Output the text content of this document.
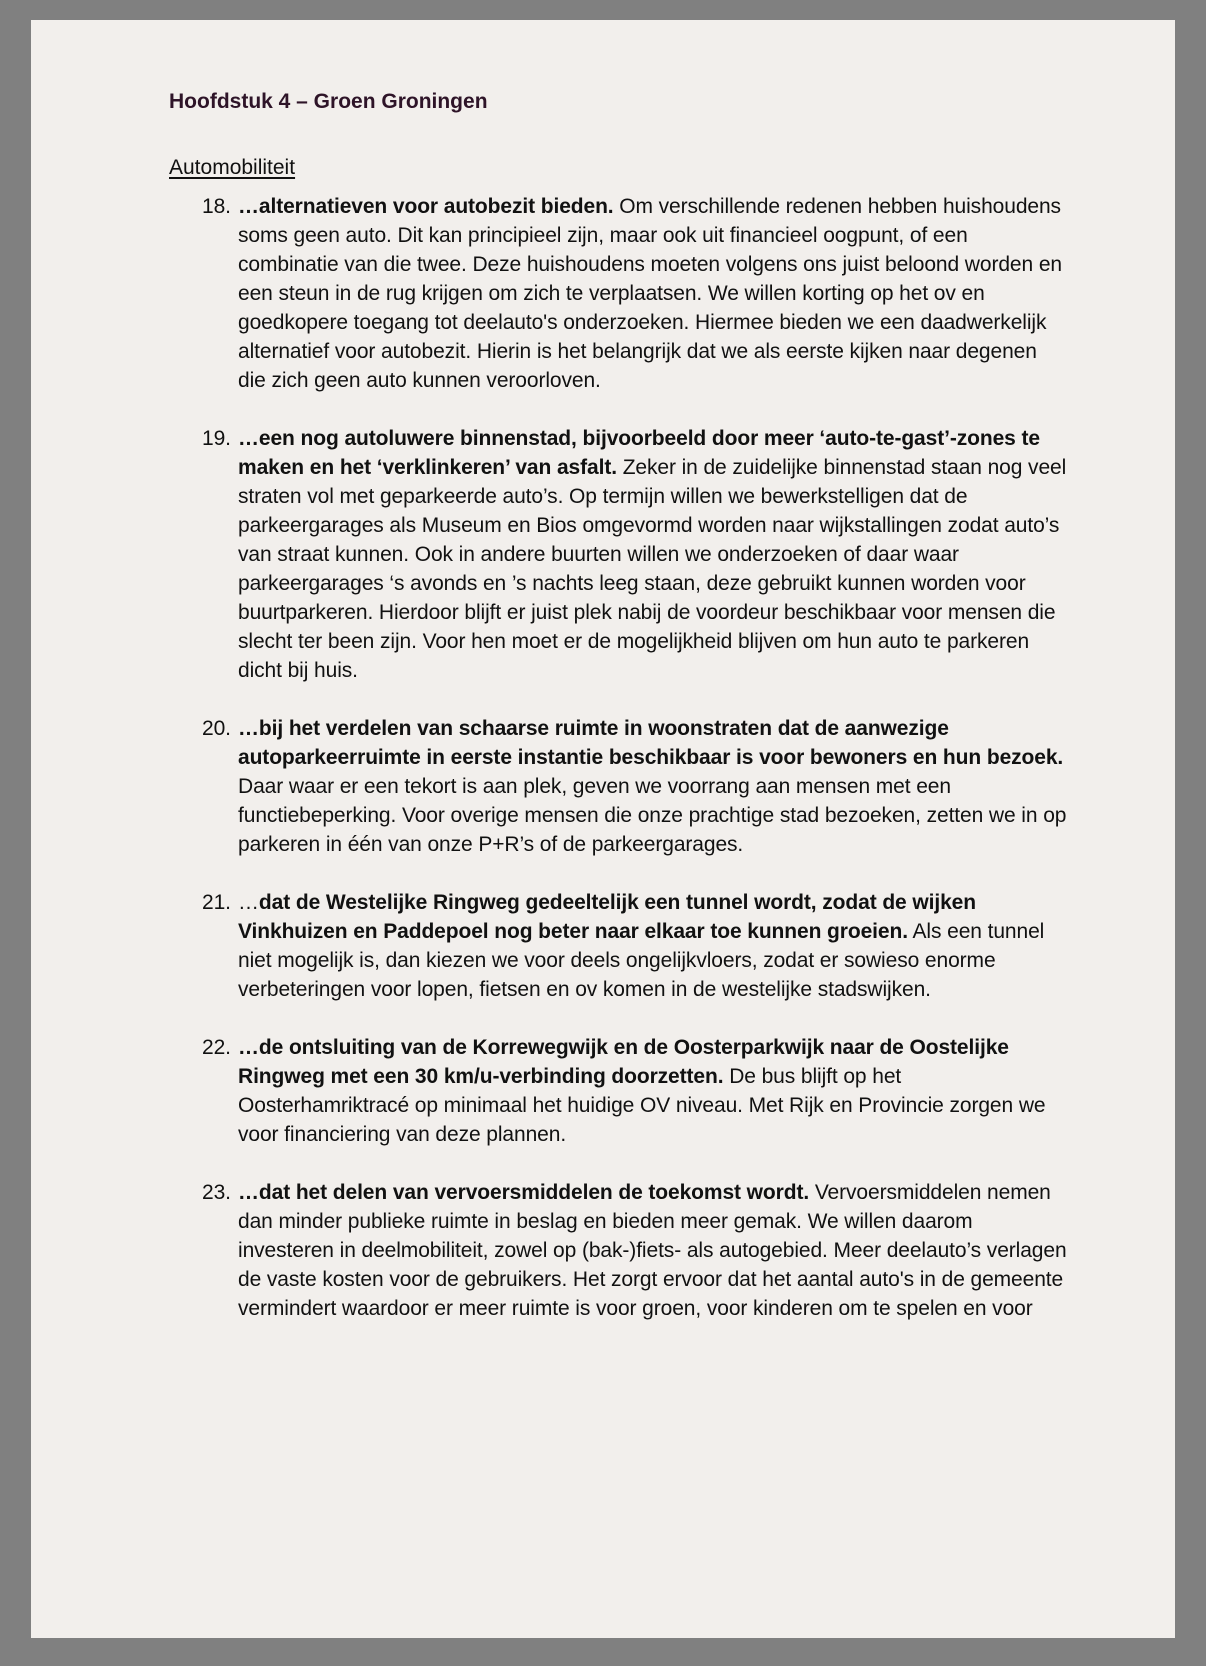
Hoofdstuk 4 – Groen Groningen
Automobiliteit
18. …alternatieven voor autobezit bieden. Om verschillende redenen hebben huishoudens soms geen auto. Dit kan principieel zijn, maar ook uit financieel oogpunt, of een combinatie van die twee. Deze huishoudens moeten volgens ons juist beloond worden en een steun in de rug krijgen om zich te verplaatsen. We willen korting op het ov en goedkopere toegang tot deelauto's onderzoeken. Hiermee bieden we een daadwerkelijk alternatief voor autobezit. Hierin is het belangrijk dat we als eerste kijken naar degenen die zich geen auto kunnen veroorloven.
19. …een nog autoluwere binnenstad, bijvoorbeeld door meer ‘auto-te-gast’-zones te maken en het ‘verklinkeren’ van asfalt. Zeker in de zuidelijke binnenstad staan nog veel straten vol met geparkeerde auto’s. Op termijn willen we bewerkstelligen dat de parkeergarages als Museum en Bios omgevormd worden naar wijkstallingen zodat auto’s van straat kunnen. Ook in andere buurten willen we onderzoeken of daar waar parkeergarages ‘s avonds en ’s nachts leeg staan, deze gebruikt kunnen worden voor buurtparkeren. Hierdoor blijft er juist plek nabij de voordeur beschikbaar voor mensen die slecht ter been zijn. Voor hen moet er de mogelijkheid blijven om hun auto te parkeren dicht bij huis.
20. …bij het verdelen van schaarse ruimte in woonstraten dat de aanwezige autoparkeerruimte in eerste instantie beschikbaar is voor bewoners en hun bezoek. Daar waar er een tekort is aan plek, geven we voorrang aan mensen met een functiebeperking. Voor overige mensen die onze prachtige stad bezoeken, zetten we in op parkeren in één van onze P+R’s of de parkeergarages.
21. …dat de Westelijke Ringweg gedeeltelijk een tunnel wordt, zodat de wijken Vinkhuizen en Paddepoel nog beter naar elkaar toe kunnen groeien. Als een tunnel niet mogelijk is, dan kiezen we voor deels ongelijkvloers, zodat er sowieso enorme verbeteringen voor lopen, fietsen en ov komen in de westelijke stadswijken.
22. …de ontsluiting van de Korrewegwijk en de Oosterparkwijk naar de Oostelijke Ringweg met een 30 km/u-verbinding doorzetten. De bus blijft op het Oosterhamriktracé op minimaal het huidige OV niveau. Met Rijk en Provincie zorgen we voor financiering van deze plannen.
23. …dat het delen van vervoersmiddelen de toekomst wordt. Vervoersmiddelen nemen dan minder publieke ruimte in beslag en bieden meer gemak. We willen daarom investeren in deelmobiliteit, zowel op (bak-)fiets- als autogebied. Meer deelauto’s verlagen de vaste kosten voor de gebruikers. Het zorgt ervoor dat het aantal auto's in de gemeente vermindert waardoor er meer ruimte is voor groen, voor kinderen om te spelen en voor
